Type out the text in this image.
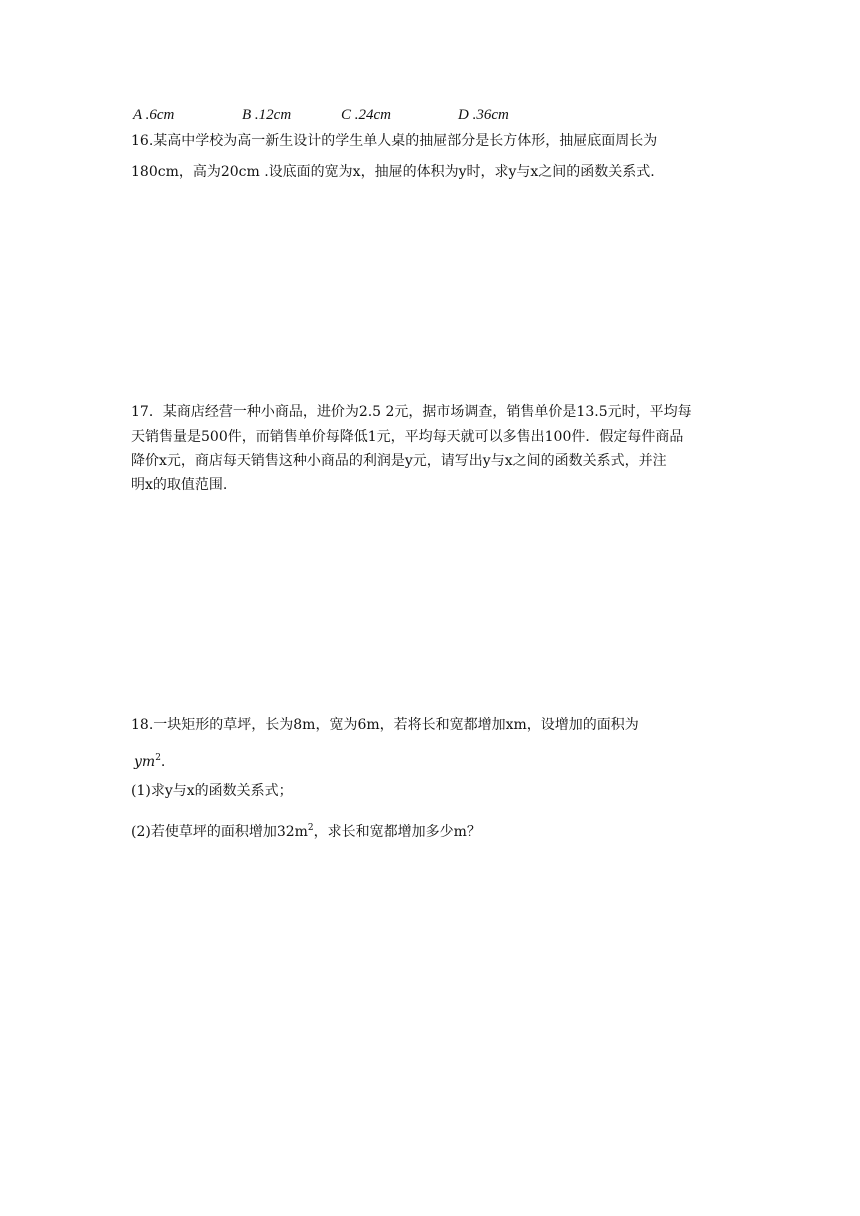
A .6cm	B .12cm	C .24cm	D .36cm
16.某高中学校为高一新生设计的学生单人桌的抽屉部分是长方体形，抽屉底面周长为
180cm，高为20cm .设底面的宽为x，抽屉的体积为y时，求y与x之间的函数关系式.
17．某商店经营一种小商品，进价为2.5 2元，据市场调查，销售单价是13.5元时，平均每
天销售量是500件，而销售单价每降低1元，平均每天就可以多售出100件．假定每件商品
降价x元，商店每天销售这种小商品的利润是y元，请写出y与x之间的函数关系式，并注
明x的取值范围.
18.一块矩形的草坪，长为8m，宽为6m，若将长和宽都增加xm，设增加的面积为
$ym^2$.
(1)求y与x的函数关系式；
(2)若使草坪的面积增加$32m^2$，求长和宽都增加多少m？
